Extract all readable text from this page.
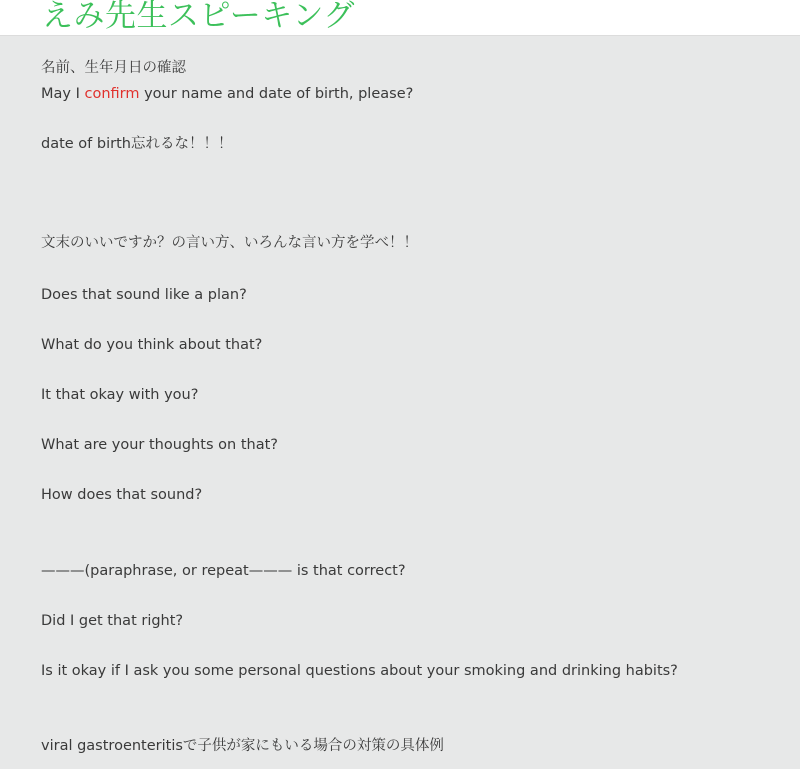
えみ先生スピーキング
名前、生年月日の確認
May I confirm your name and date of birth, please?
date of birth忘れるな！！！
文末のいいですか？の言い方、いろんな言い方を学べ！！
Does that sound like a plan?
What do you think about that?
It that okay with you?
What are your thoughts on that?
How does that sound?
———(paraphrase, or repeat——— is that correct?
Did I get that right?
Is it okay if I ask you some personal questions about your smoking and drinking habits?
viral gastroenteritisで子供が家にもいる場合の対策の具体例
